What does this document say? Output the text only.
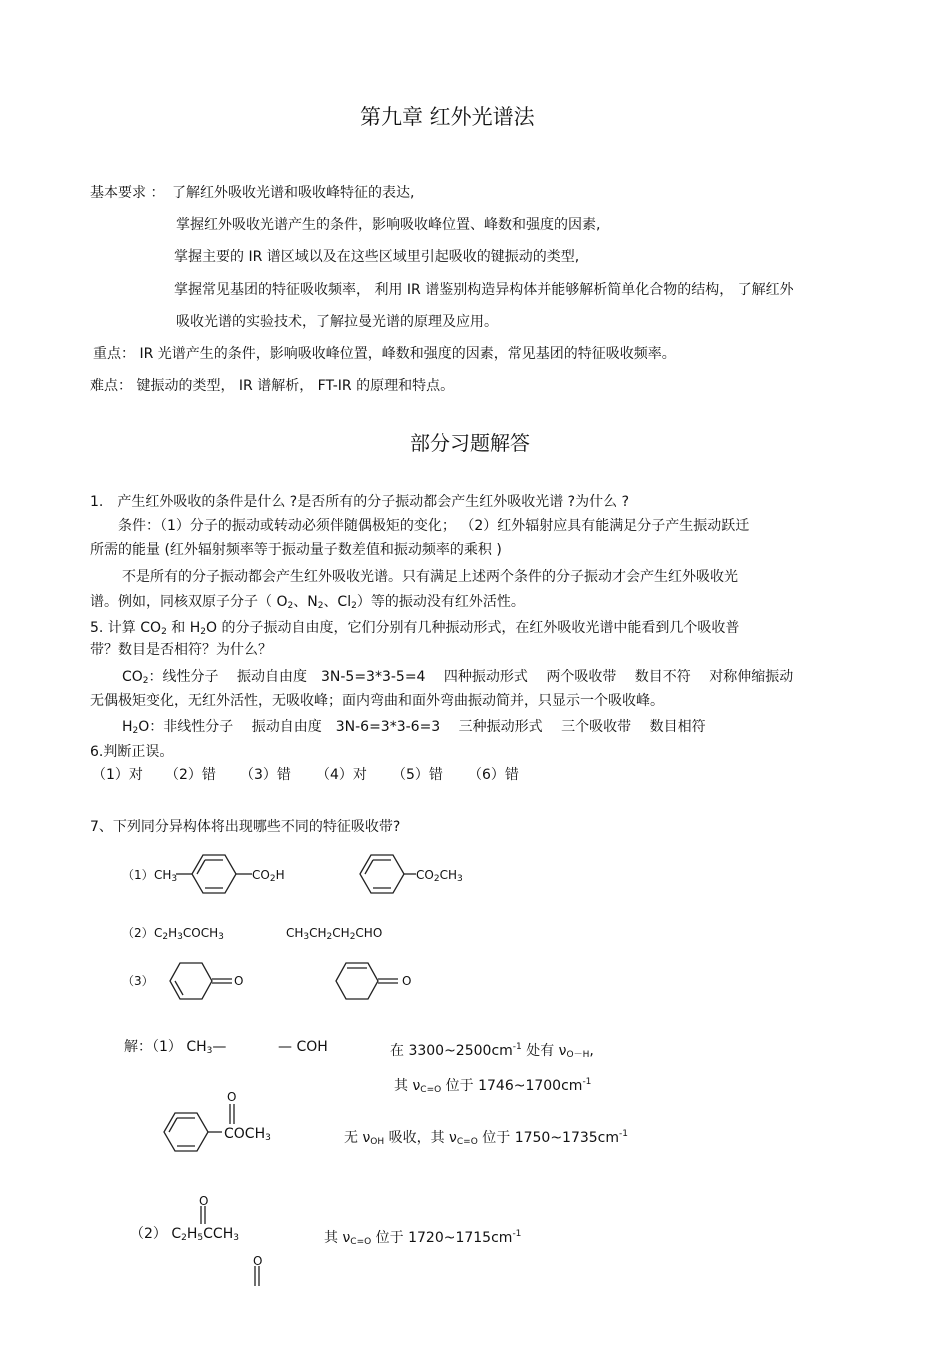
第九章 红外光谱法
基本要求 ： 了解红外吸收光谱和吸收峰特征的表达,
掌握红外吸收光谱产生的条件，影响吸收峰位置、峰数和强度的因素,
掌握主要的 IR 谱区域以及在这些区域里引起吸收的键振动的类型,
掌握常见基团的特征吸收频率， 利用 IR 谱鉴别构造异构体并能够解析简单化合物的结构， 了解红外
吸收光谱的实验技术，了解拉曼光谱的原理及应用。
重点： IR 光谱产生的条件，影响吸收峰位置，峰数和强度的因素，常见基团的特征吸收频率。
难点： 键振动的类型， IR 谱解析， FT-IR 的原理和特点。
部分习题解答
1.　产生红外吸收的条件是什么 ?是否所有的分子振动都会产生红外吸收光谱 ?为什么 ?
条件：（1）分子的振动或转动必须伴随偶极矩的变化； （2）红外辐射应具有能满足分子产生振动跃迁
所需的能量 (红外辐射频率等于振动量子数差值和振动频率的乘积 )
不是所有的分子振动都会产生红外吸收光谱。只有满足上述两个条件的分子振动才会产生红外吸收光
谱。例如，同核双原子分子（ $O_2$、$N_2$、$Cl_2$）等的振动没有红外活性。
5. 计算 $CO_2$ 和 $H_2O$ 的分子振动自由度，它们分别有几种振动形式，在红外吸收光谱中能看到几个吸收普
带？数目是否相符？为什么？
$CO_2$：线性分子　 振动自由度　3N-5=3*3-5=4　 四种振动形式　 两个吸收带　 数目不符　 对称伸缩振动
无偶极矩变化，无红外活性，无吸收峰；面内弯曲和面外弯曲振动简并，只显示一个吸收峰。
$H_2O$：非线性分子　 振动自由度　3N-6=3*3-6=3　 三种振动形式　 三个吸收带　 数目相符
6.判断正误。
（1）对 （2）错 （3）错 （4）对 （5）错 （6）错
7、下列同分异构体将出现哪些不同的特征吸收带?
（1） $CH_3$	$CO_2H$	$CO_2CH_3$
（2） $C_2H_3COCH_3$	$CH_3CH_2CH_2CHO$
（3）	O	O
解：（1） $CH_3—$	— COH	在 $3300\sim 2500cm^{-1}$ 处有 $\nu_{O-H}$,
其 $\nu_{C=O}$ 位于 $1746\sim 1700cm^{-1}$
O
$COCH_3$	无 $\nu_{OH}$ 吸收，其 $\nu_{C=O}$ 位于 $1750\sim 1735cm^{-1}$
O
（2） $C_2H_5CCH_3$	其 $\nu_{C=O}$ 位于 $1720\sim 1715cm^{-1}$
O
